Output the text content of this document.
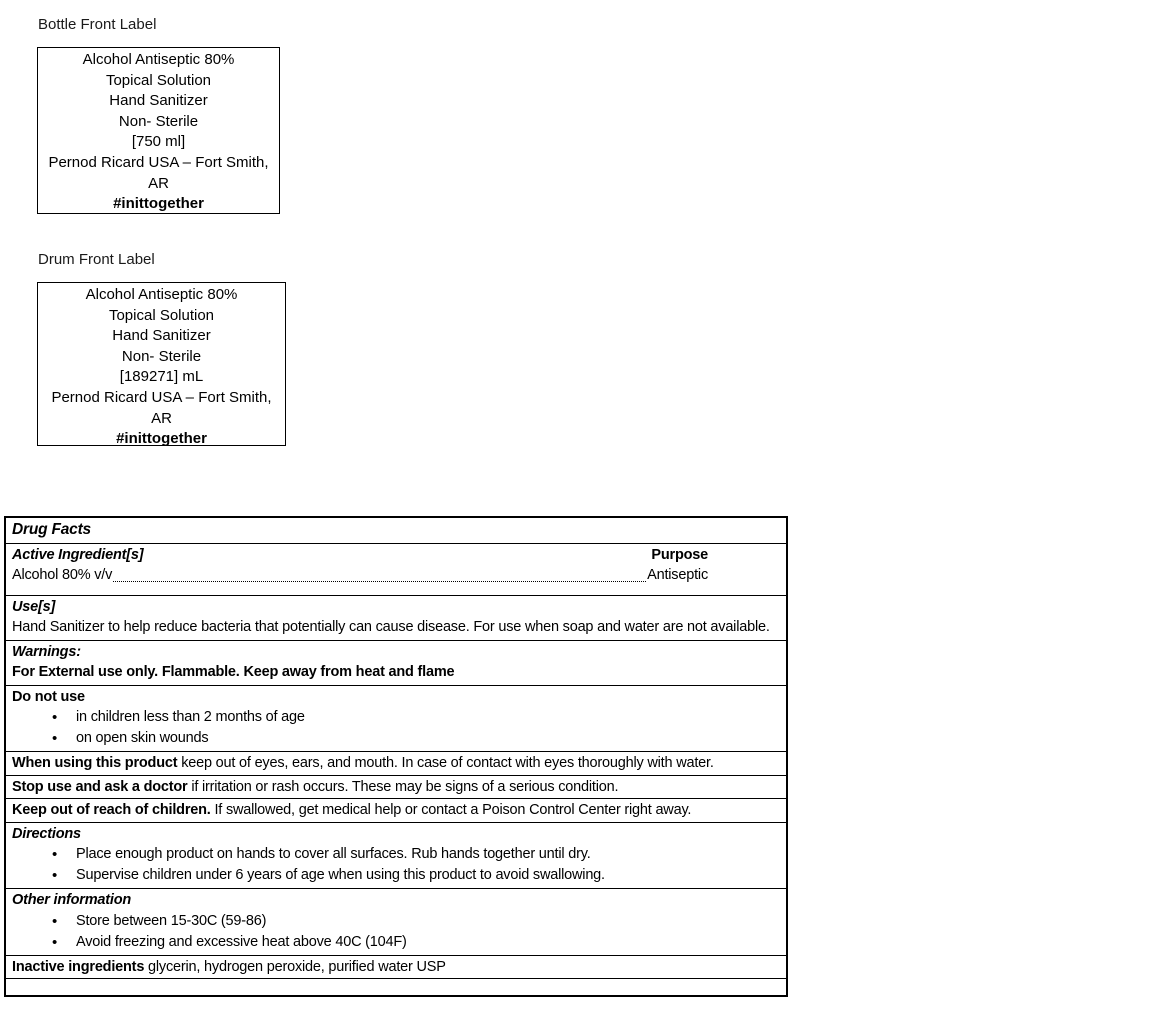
Bottle Front Label
Alcohol Antiseptic 80%
Topical Solution
Hand Sanitizer
Non- Sterile
[750 ml]
Pernod Ricard USA – Fort Smith,
AR
#inittogether
Drum Front Label
Alcohol Antiseptic 80%
Topical Solution
Hand Sanitizer
Non- Sterile
[189271] mL
Pernod Ricard USA – Fort Smith,
AR
#inittogether
Drug Facts
Active Ingredient[s]	Purpose
Alcohol 80% v/v	Antiseptic
Use[s]
Hand Sanitizer to help reduce bacteria that potentially can cause disease. For use when soap and water are not available.
Warnings:
For External use only. Flammable. Keep away from heat and flame
Do not use
• in children less than 2 months of age
• on open skin wounds
When using this product keep out of eyes, ears, and mouth. In case of contact with eyes thoroughly with water.
Stop use and ask a doctor if irritation or rash occurs. These may be signs of a serious condition.
Keep out of reach of children. If swallowed, get medical help or contact a Poison Control Center right away.
Directions
• Place enough product on hands to cover all surfaces. Rub hands together until dry.
• Supervise children under 6 years of age when using this product to avoid swallowing.
Other information
• Store between 15-30C (59-86)
• Avoid freezing and excessive heat above 40C (104F)
Inactive ingredients glycerin, hydrogen peroxide, purified water USP
